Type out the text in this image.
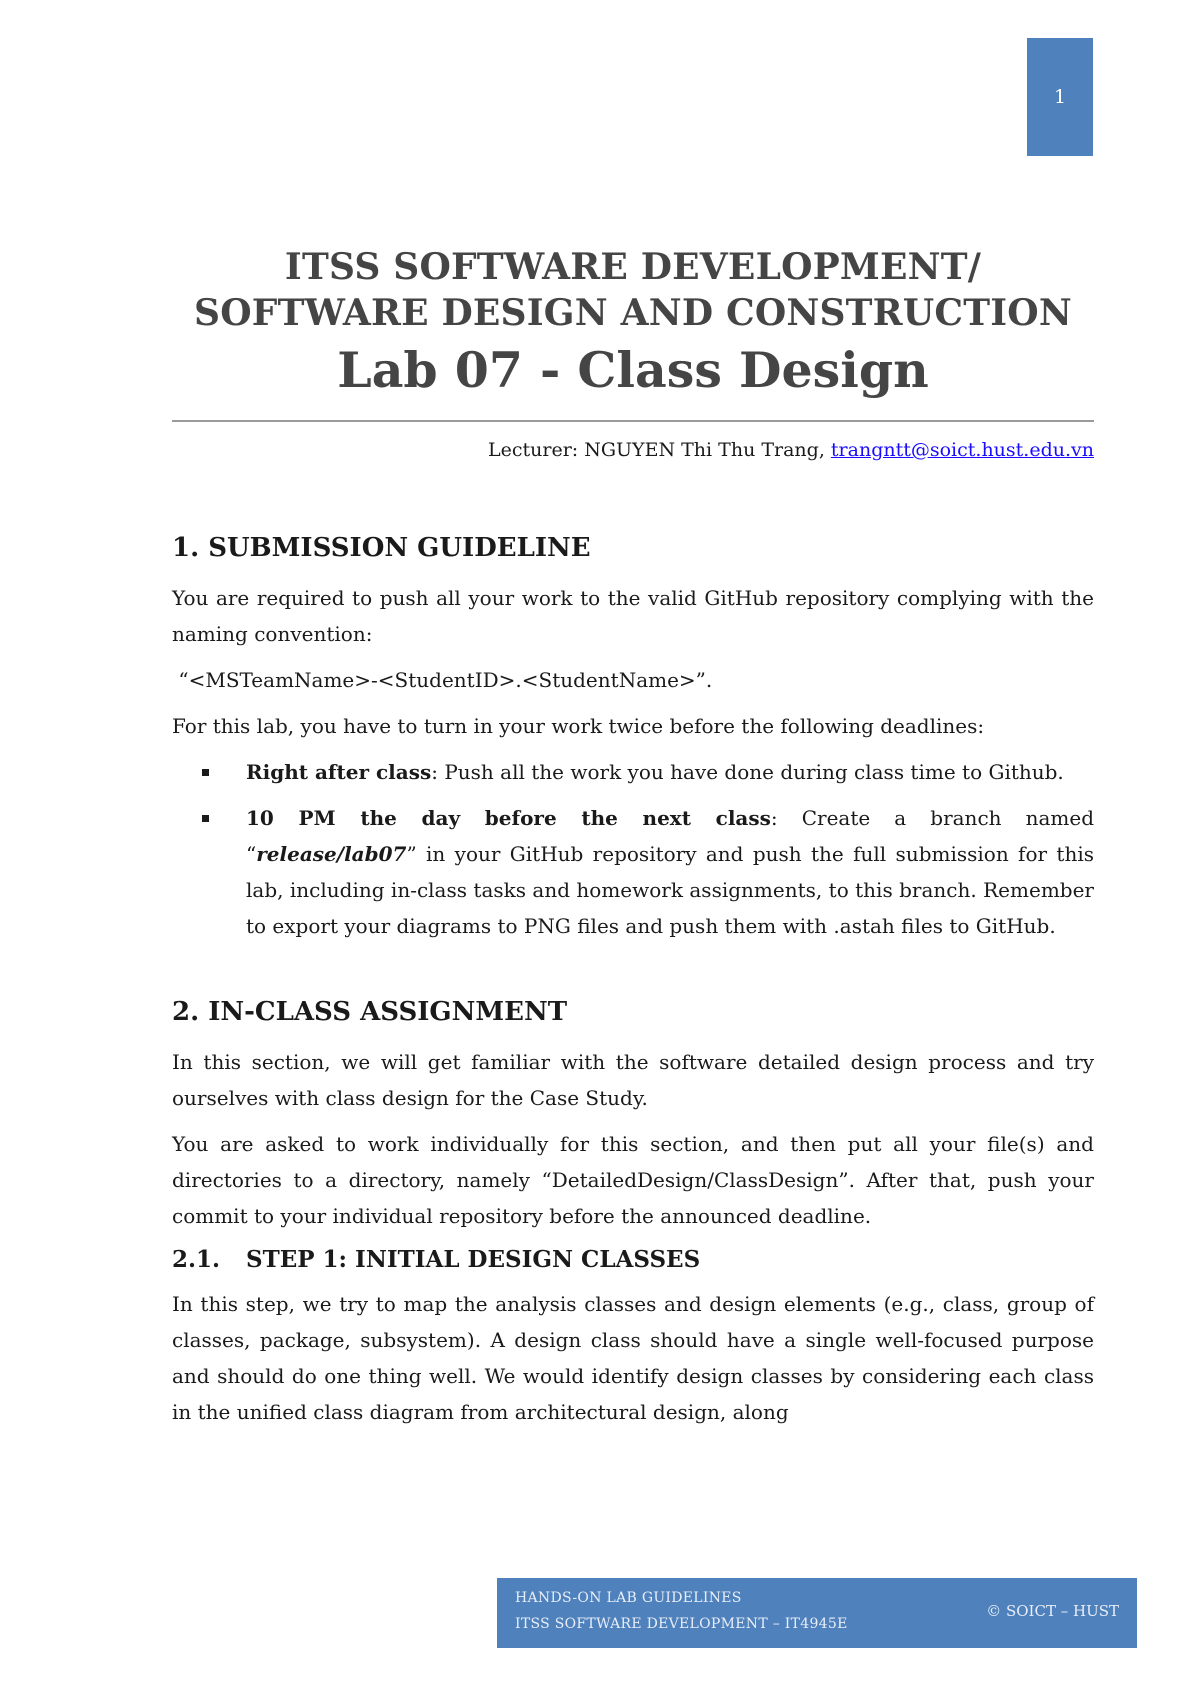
1
ITSS SOFTWARE DEVELOPMENT/
SOFTWARE DESIGN AND CONSTRUCTION
Lab 07 - Class Design
Lecturer: NGUYEN Thi Thu Trang, trangntt@soict.hust.edu.vn
1. SUBMISSION GUIDELINE

You are required to push all your work to the valid GitHub repository complying with the naming convention:

“<MSTeamName>-<StudentID>.<StudentName>”.

For this lab, you have to turn in your work twice before the following deadlines:

Right after class: Push all the work you have done during class time to Github.
10 PM the day before the next class: Create a branch named “release/lab07” in your GitHub repository and push the full submission for this lab, including in-class tasks and homework assignments, to this branch. Remember to export your diagrams to PNG files and push them with .astah files to GitHub.
2. IN-CLASS ASSIGNMENT

In this section, we will get familiar with the software detailed design process and try ourselves with class design for the Case Study.

You are asked to work individually for this section, and then put all your file(s) and directories to a directory, namely “DetailedDesign/ClassDesign”. After that, push your commit to your individual repository before the announced deadline.

2.1. STEP 1: INITIAL DESIGN CLASSES

In this step, we try to map the analysis classes and design elements (e.g., class, group of classes, package, subsystem). A design class should have a single well-focused purpose and should do one thing well. We would identify design classes by considering each class in the unified class diagram from architectural design, along

HANDS-ON LAB GUIDELINES
ITSS SOFTWARE DEVELOPMENT – IT4945E
© SOICT – HUST
